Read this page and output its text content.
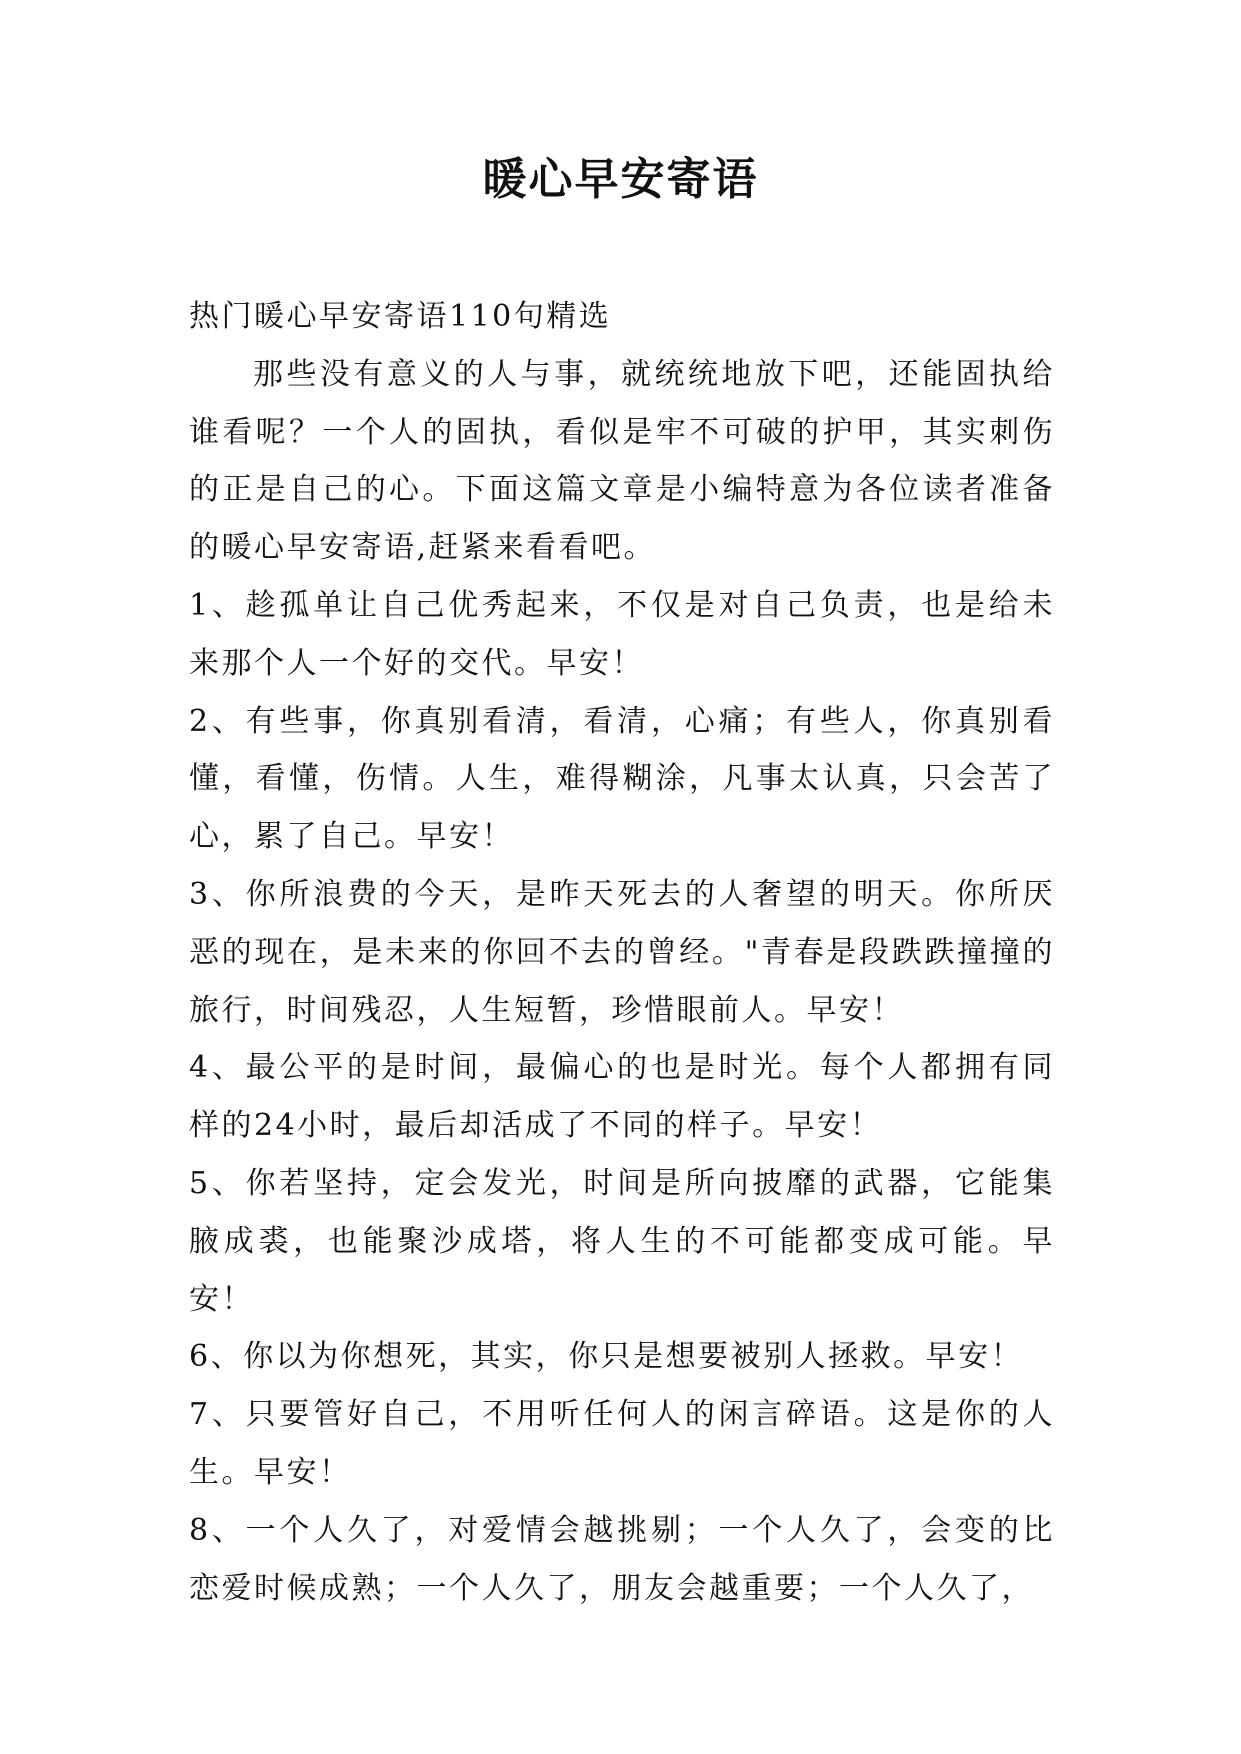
暖心早安寄语

热门暖心早安寄语110句精选

那些没有意义的人与事，就统统地放下吧，还能固执给谁看呢？一个人的固执，看似是牢不可破的护甲，其实刺伤的正是自己的心。下面这篇文章是小编特意为各位读者准备的暖心早安寄语,赶紧来看看吧。

1、趁孤单让自己优秀起来，不仅是对自己负责，也是给未来那个人一个好的交代。早安！

2、有些事，你真别看清，看清，心痛；有些人，你真别看懂，看懂，伤情。人生，难得糊涂，凡事太认真，只会苦了心，累了自己。早安！

3、你所浪费的今天，是昨天死去的人奢望的明天。你所厌恶的现在，是未来的你回不去的曾经。"青春是段跌跌撞撞的旅行，时间残忍，人生短暂，珍惜眼前人。早安！

4、最公平的是时间，最偏心的也是时光。每个人都拥有同样的24小时，最后却活成了不同的样子。早安！

5、你若坚持，定会发光，时间是所向披靡的武器，它能集腋成裘，也能聚沙成塔，将人生的不可能都变成可能。早安！

6、你以为你想死，其实，你只是想要被别人拯救。早安！

7、只要管好自己，不用听任何人的闲言碎语。这是你的人生。早安！

8、一个人久了，对爱情会越挑剔；一个人久了，会变的比恋爱时候成熟；一个人久了，朋友会越重要；一个人久了，
